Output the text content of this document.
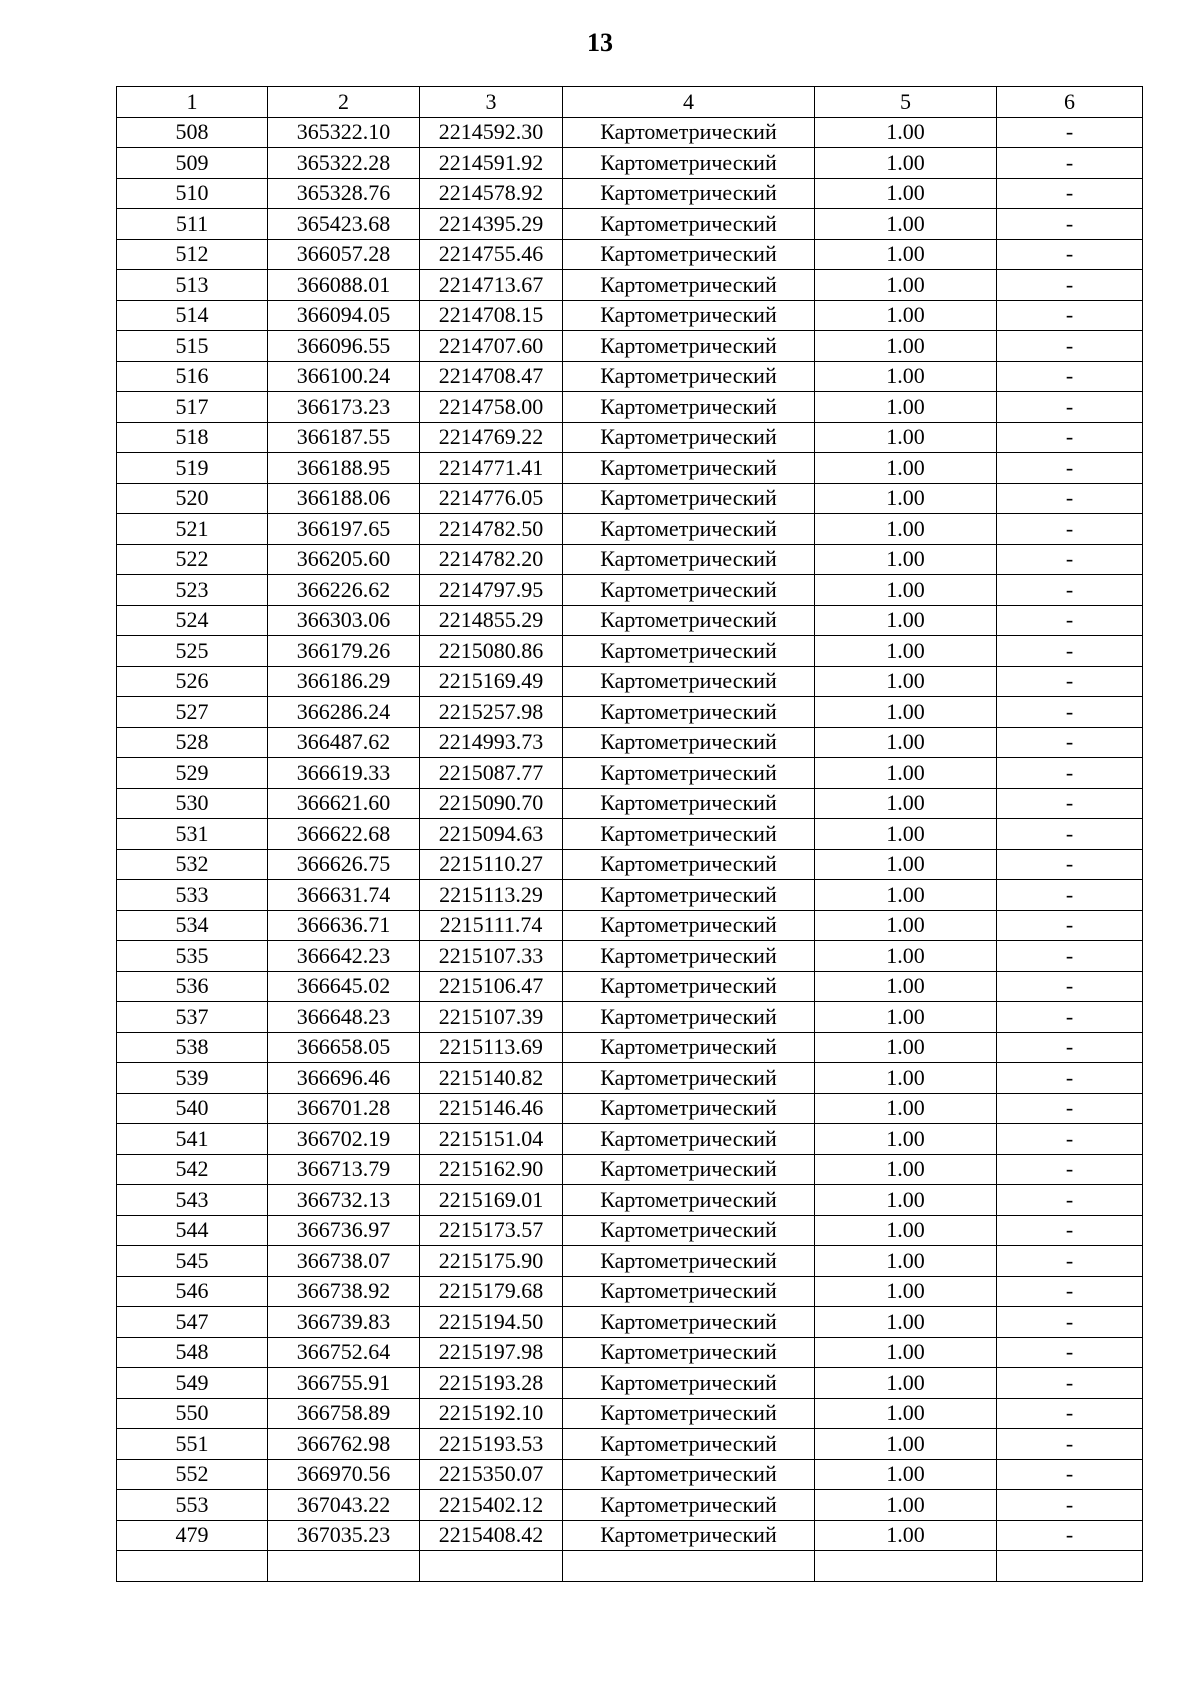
13
1	2	3	4	5	6
508	365322.10	2214592.30	Картометрический	1.00	-
509	365322.28	2214591.92	Картометрический	1.00	-
510	365328.76	2214578.92	Картометрический	1.00	-
511	365423.68	2214395.29	Картометрический	1.00	-
512	366057.28	2214755.46	Картометрический	1.00	-
513	366088.01	2214713.67	Картометрический	1.00	-
514	366094.05	2214708.15	Картометрический	1.00	-
515	366096.55	2214707.60	Картометрический	1.00	-
516	366100.24	2214708.47	Картометрический	1.00	-
517	366173.23	2214758.00	Картометрический	1.00	-
518	366187.55	2214769.22	Картометрический	1.00	-
519	366188.95	2214771.41	Картометрический	1.00	-
520	366188.06	2214776.05	Картометрический	1.00	-
521	366197.65	2214782.50	Картометрический	1.00	-
522	366205.60	2214782.20	Картометрический	1.00	-
523	366226.62	2214797.95	Картометрический	1.00	-
524	366303.06	2214855.29	Картометрический	1.00	-
525	366179.26	2215080.86	Картометрический	1.00	-
526	366186.29	2215169.49	Картометрический	1.00	-
527	366286.24	2215257.98	Картометрический	1.00	-
528	366487.62	2214993.73	Картометрический	1.00	-
529	366619.33	2215087.77	Картометрический	1.00	-
530	366621.60	2215090.70	Картометрический	1.00	-
531	366622.68	2215094.63	Картометрический	1.00	-
532	366626.75	2215110.27	Картометрический	1.00	-
533	366631.74	2215113.29	Картометрический	1.00	-
534	366636.71	2215111.74	Картометрический	1.00	-
535	366642.23	2215107.33	Картометрический	1.00	-
536	366645.02	2215106.47	Картометрический	1.00	-
537	366648.23	2215107.39	Картометрический	1.00	-
538	366658.05	2215113.69	Картометрический	1.00	-
539	366696.46	2215140.82	Картометрический	1.00	-
540	366701.28	2215146.46	Картометрический	1.00	-
541	366702.19	2215151.04	Картометрический	1.00	-
542	366713.79	2215162.90	Картометрический	1.00	-
543	366732.13	2215169.01	Картометрический	1.00	-
544	366736.97	2215173.57	Картометрический	1.00	-
545	366738.07	2215175.90	Картометрический	1.00	-
546	366738.92	2215179.68	Картометрический	1.00	-
547	366739.83	2215194.50	Картометрический	1.00	-
548	366752.64	2215197.98	Картометрический	1.00	-
549	366755.91	2215193.28	Картометрический	1.00	-
550	366758.89	2215192.10	Картометрический	1.00	-
551	366762.98	2215193.53	Картометрический	1.00	-
552	366970.56	2215350.07	Картометрический	1.00	-
553	367043.22	2215402.12	Картометрический	1.00	-
479	367035.23	2215408.42	Картометрический	1.00	-
